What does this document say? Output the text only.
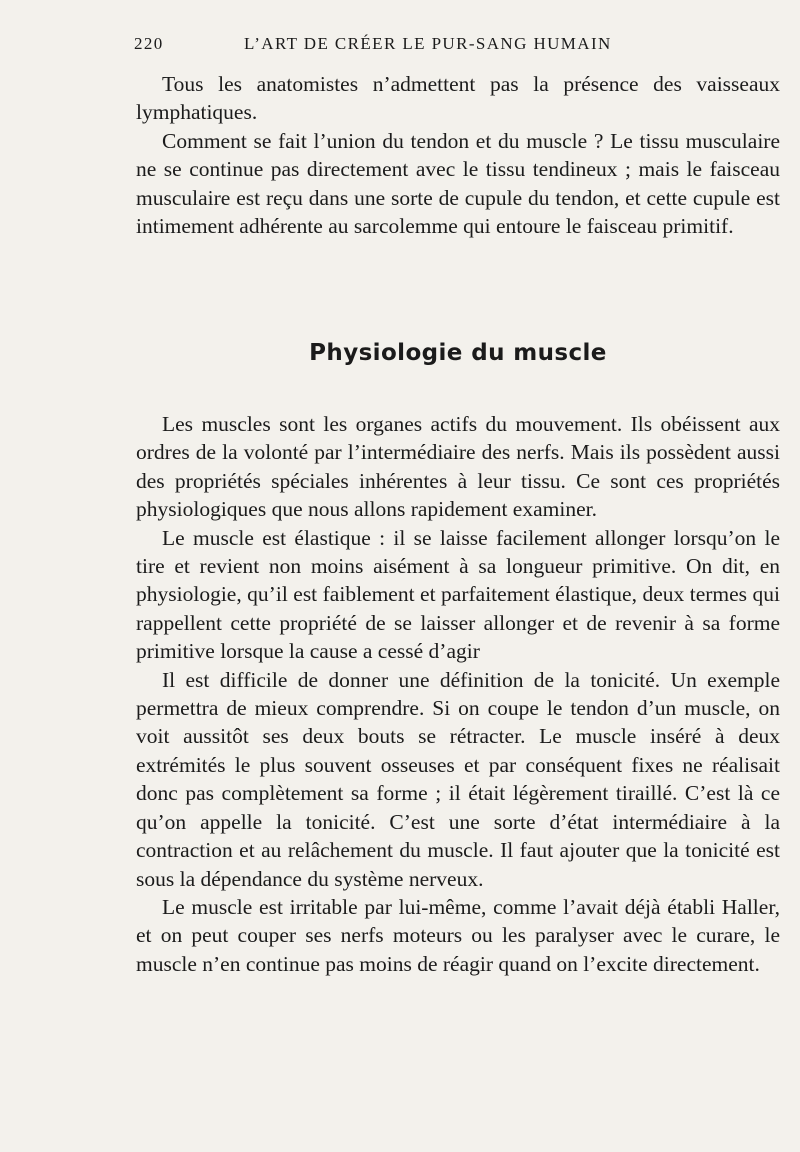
220	L’ART DE CRÉER LE PUR-SANG HUMAIN

Tous les anatomistes n’admettent pas la présence des vaisseaux lymphatiques.

Comment se fait l’union du tendon et du muscle ? Le tissu musculaire ne se continue pas directement avec le tissu tendineux ; mais le faisceau musculaire est reçu dans une sorte de cupule du tendon, et cette cupule est intimement adhérente au sarcolemme qui entoure le faisceau primitif.

Physiologie du muscle

Les muscles sont les organes actifs du mouvement. Ils obéissent aux ordres de la volonté par l’intermédiaire des nerfs. Mais ils possèdent aussi des propriétés spéciales inhérentes à leur tissu. Ce sont ces propriétés physiologiques que nous allons rapidement examiner.

Le muscle est élastique : il se laisse facilement allonger lorsqu’on le tire et revient non moins aisément à sa longueur primitive. On dit, en physiologie, qu’il est faiblement et parfaitement élastique, deux termes qui rappellent cette propriété de se laisser allonger et de revenir à sa forme primitive lorsque la cause a cessé d’agir

Il est difficile de donner une définition de la tonicité. Un exemple permettra de mieux comprendre. Si on coupe le tendon d’un muscle, on voit aussitôt ses deux bouts se rétracter. Le muscle inséré à deux extrémités le plus souvent osseuses et par conséquent fixes ne réalisait donc pas complètement sa forme ; il était légèrement tiraillé. C’est là ce qu’on appelle la tonicité. C’est une sorte d’état intermédiaire à la contraction et au relâchement du muscle. Il faut ajouter que la tonicité est sous la dépendance du système nerveux.

Le muscle est irritable par lui-même, comme l’avait déjà établi Haller, et on peut couper ses nerfs moteurs ou les paralyser avec le curare, le muscle n’en continue pas moins de réagir quand on l’excite directement.
